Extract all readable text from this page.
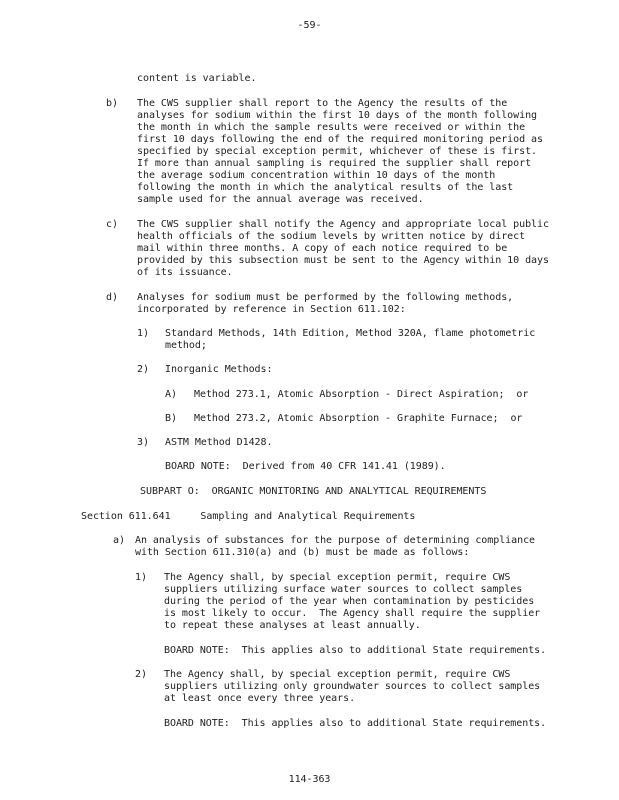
-59-
content is variable.
b) The CWS supplier shall report to the Agency the results of the
analyses for sodium within the first 10 days of the month following
the month in which the sample results were received or within the
first 10 days following the end of the required monitoring period as
specified by special exception permit, whichever of these is first.
If more than annual sampling is required the supplier shall report
the average sodium concentration within 10 days of the month
following the month in which the analytical results of the last
sample used for the annual average was received.
c) The CWS supplier shall notify the Agency and appropriate local public
health officials of the sodium levels by written notice by direct
mail within three months. A copy of each notice required to be
provided by this subsection must be sent to the Agency within 10 days
of its issuance.
d) Analyses for sodium must be performed by the following methods,
incorporated by reference in Section 611.102:
1) Standard Methods, 14th Edition, Method 320A, flame photometric
method;
2) Inorganic Methods:
A) Method 273.1, Atomic Absorption - Direct Aspiration;  or
B) Method 273.2, Atomic Absorption - Graphite Furnace;  or
3) ASTM Method D1428.
BOARD NOTE:  Derived from 40 CFR 141.41 (1989).
SUBPART O:  ORGANIC MONITORING AND ANALYTICAL REQUIREMENTS
Section 611.641     Sampling and Analytical Requirements
a) An analysis of substances for the purpose of determining compliance
with Section 611.310(a) and (b) must be made as follows:
1) The Agency shall, by special exception permit, require CWS
suppliers utilizing surface water sources to collect samples
during the period of the year when contamination by pesticides
is most likely to occur.  The Agency shall require the supplier
to repeat these analyses at least annually.
BOARD NOTE:  This applies also to additional State requirements.
2) The Agency shall, by special exception permit, require CWS
suppliers utilizing only groundwater sources to collect samples
at least once every three years.
BOARD NOTE:  This applies also to additional State requirements.
114-363
